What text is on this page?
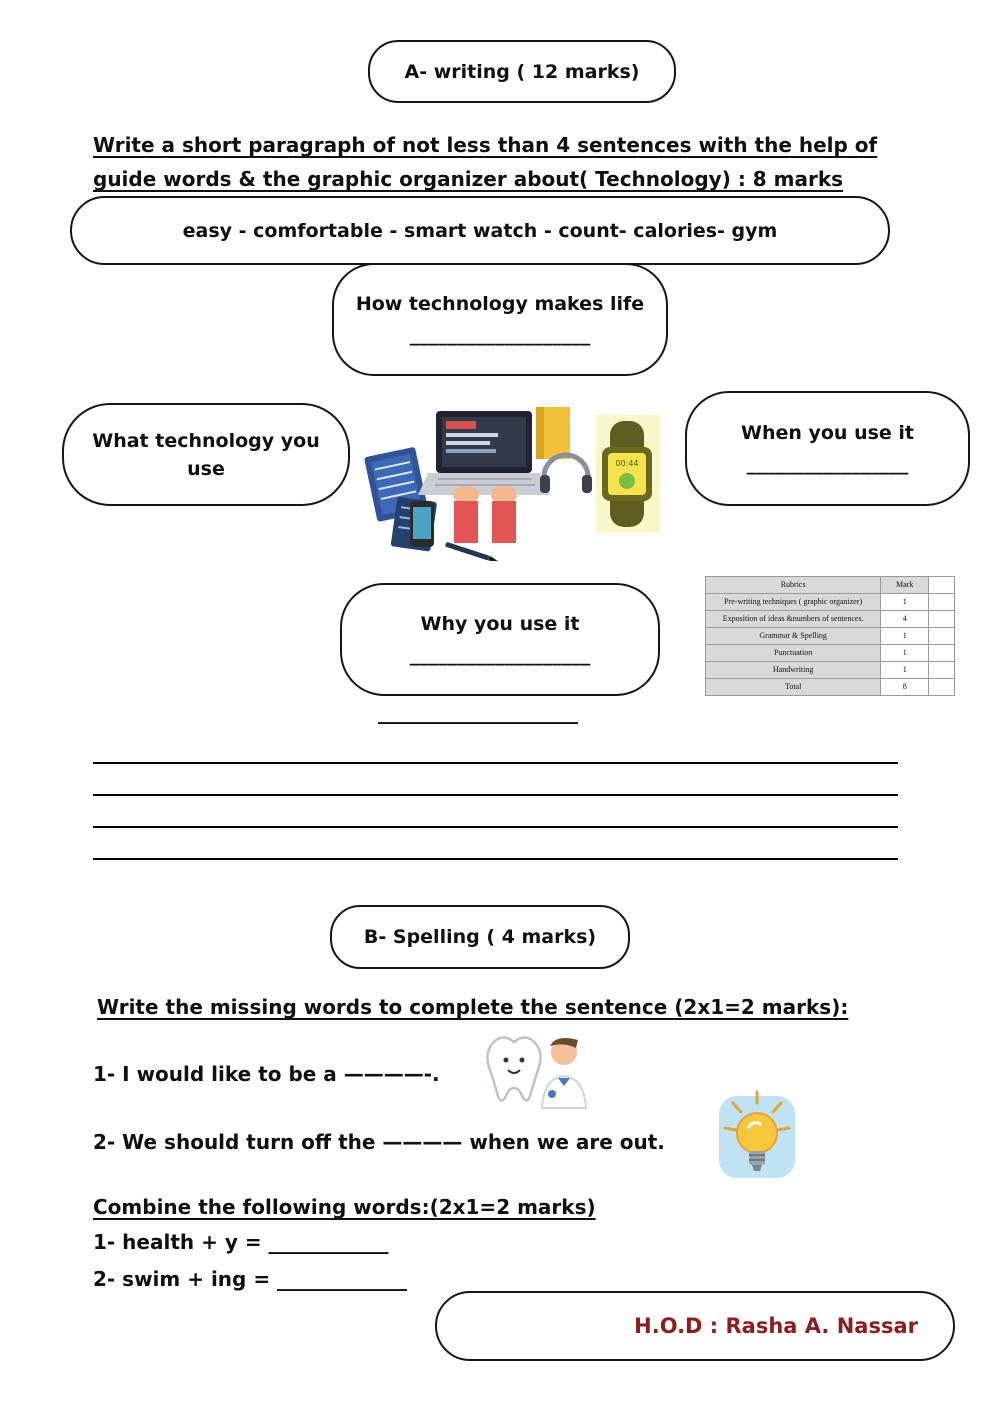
A- writing ( 12 marks)
Write a short paragraph of not less than 4 sentences with the help of
guide words & the graphic organizer about( Technology) : 8 marks
easy - comfortable - smart watch - count- calories- gym
How technology makes life
___________________
What technology you
use
When you use it
_________________
00:44
Why you use it
___________________
Rubrics	Mark	
Pre-writing techniques ( graphic organizer)	1	
Exposition of ideas &numbers of sentences.	4	
Grammar & Spelling	1	
Punctuation	1	
Handwriting	1	
Total	8	
____________________
B- Spelling ( 4 marks)
Write the missing words to complete the sentence (2x1=2 marks):
1- I would like to be a ————-.
2- We should turn off the ———— when we are out.
Combine the following words:(2x1=2 marks)
1- health + y = ____________
2- swim + ing = _____________
H.O.D : Rasha A. Nassar
